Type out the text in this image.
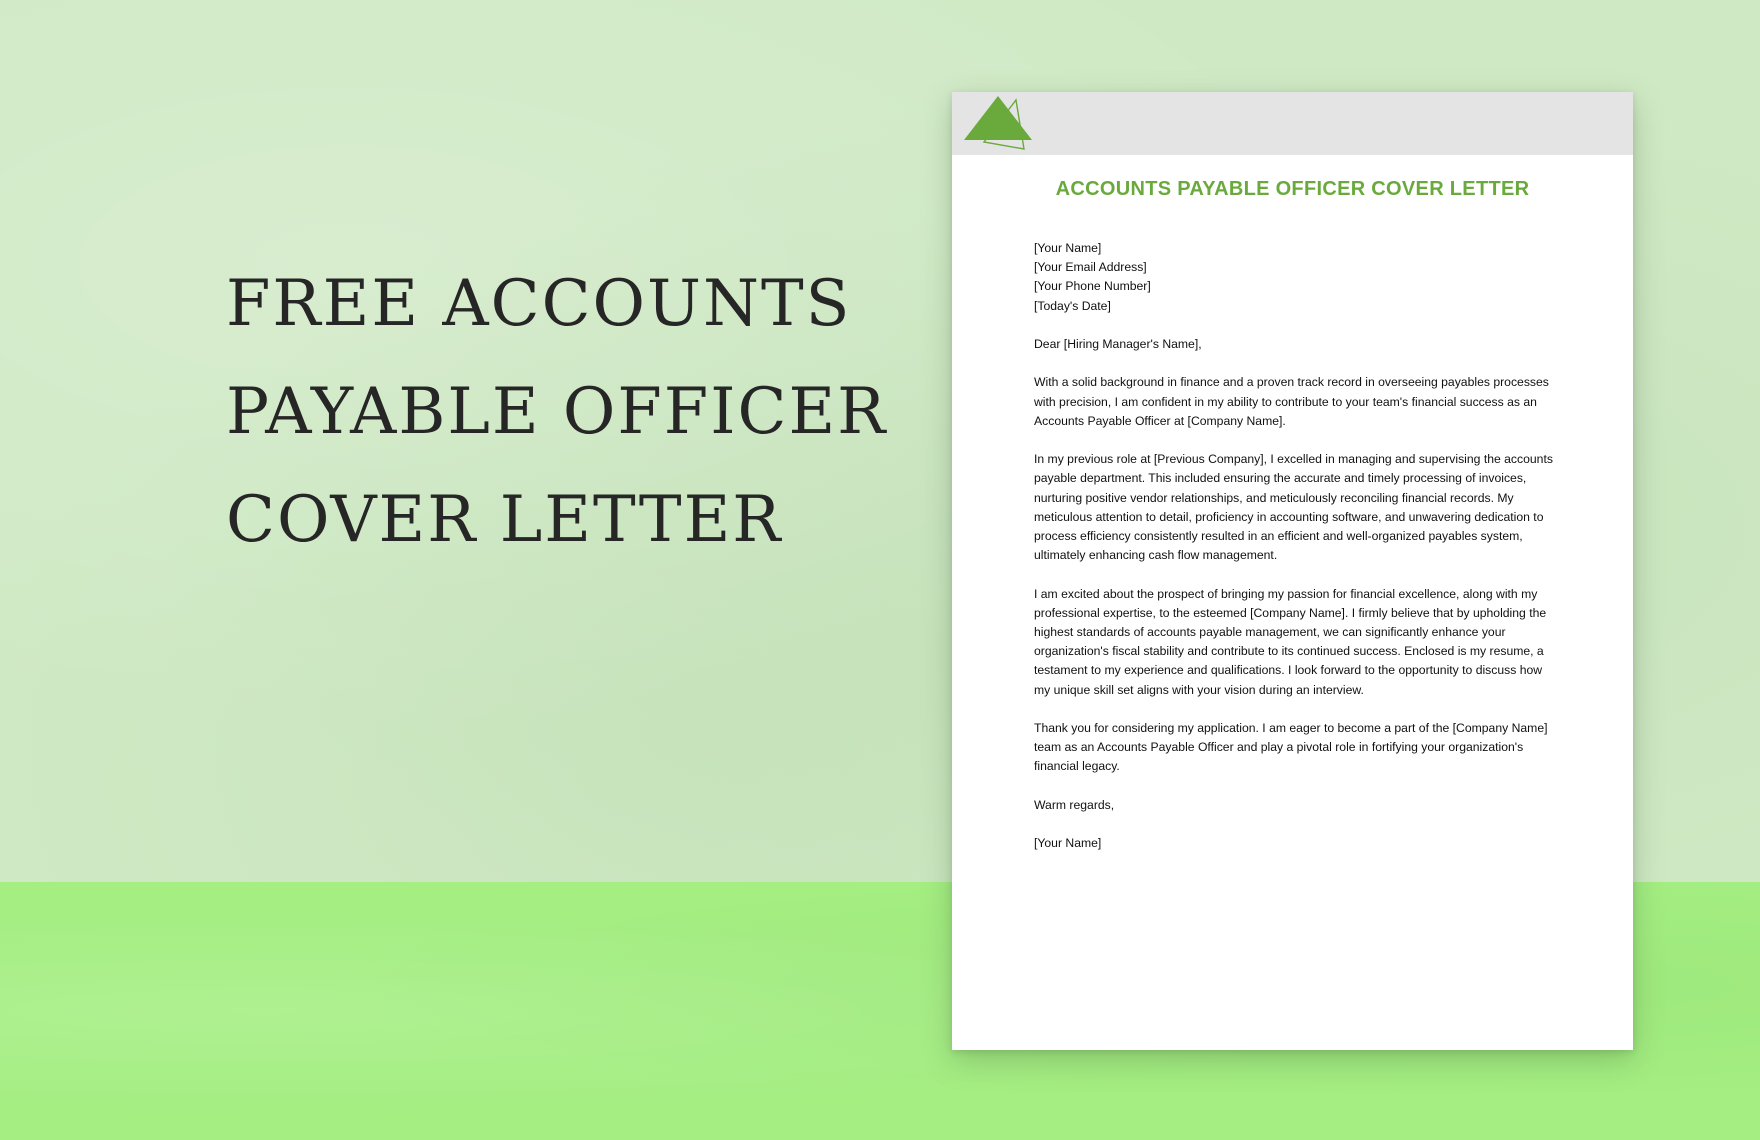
FREE ACCOUNTS
PAYABLE OFFICER
COVER LETTER
ACCOUNTS PAYABLE OFFICER COVER LETTER

[Your Name]
[Your Email Address]
[Your Phone Number]
[Today's Date]

Dear [Hiring Manager's Name],

With a solid background in finance and a proven track record in overseeing payables processes with precision, I am confident in my ability to contribute to your team's financial success as an Accounts Payable Officer at [Company Name].

In my previous role at [Previous Company], I excelled in managing and supervising the accounts payable department. This included ensuring the accurate and timely processing of invoices, nurturing positive vendor relationships, and meticulously reconciling financial records. My meticulous attention to detail, proficiency in accounting software, and unwavering dedication to process efficiency consistently resulted in an efficient and well-organized payables system, ultimately enhancing cash flow management.

I am excited about the prospect of bringing my passion for financial excellence, along with my professional expertise, to the esteemed [Company Name]. I firmly believe that by upholding the highest standards of accounts payable management, we can significantly enhance your organization's fiscal stability and contribute to its continued success. Enclosed is my resume, a testament to my experience and qualifications. I look forward to the opportunity to discuss how my unique skill set aligns with your vision during an interview.

Thank you for considering my application. I am eager to become a part of the [Company Name] team as an Accounts Payable Officer and play a pivotal role in fortifying your organization's financial legacy.

Warm regards,

[Your Name]
